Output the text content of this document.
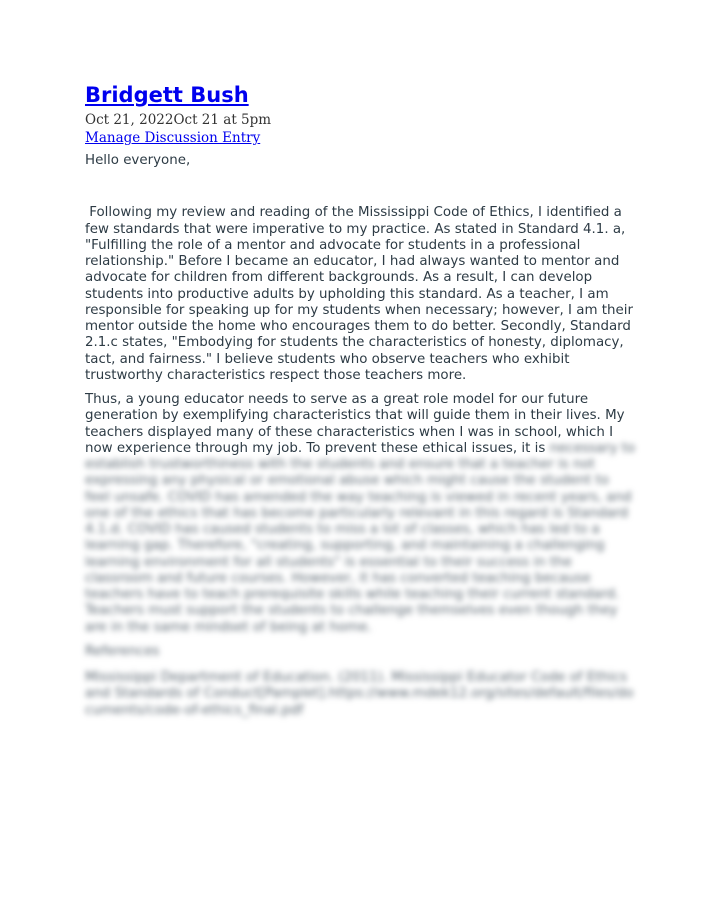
Bridgett Bush
Oct 21, 2022Oct 21 at 5pm
Manage Discussion Entry

Hello everyone,

Following my review and reading of the Mississippi Code of Ethics, I identified a few standards that were imperative to my practice. As stated in Standard 4.1. a, "Fulfilling the role of a mentor and advocate for students in a professional relationship." Before I became an educator, I had always wanted to mentor and advocate for children from different backgrounds. As a result, I can develop students into productive adults by upholding this standard. As a teacher, I am responsible for speaking up for my students when necessary; however, I am their mentor outside the home who encourages them to do better. Secondly, Standard 2.1.c states, "Embodying for students the characteristics of honesty, diplomacy, tact, and fairness." I believe students who observe teachers who exhibit trustworthy characteristics respect those teachers more.

Thus, a young educator needs to serve as a great role model for our future generation by exemplifying characteristics that will guide them in their lives. My teachers displayed many of these characteristics when I was in school, which I now experience through my job. To prevent these ethical issues, it is necessary to establish trustworthiness with the students and ensure that a teacher is not expressing any physical or emotional abuse which might cause the student to feel unsafe. COVID has amended the way teaching is viewed in recent years, and one of the ethics that has become particularly relevant in this regard is Standard 4.1.d. COVID has caused students to miss a lot of classes, which has led to a learning gap. Therefore, "creating, supporting, and maintaining a challenging learning environment for all students" is essential to their success in the classroom and future courses. However, it has converted teaching because teachers have to teach prerequisite skills while teaching their current standard. Teachers must support the students to challenge themselves even though they are in the same mindset of being at home.

References

Mississippi Department of Education. (2011). Mississippi Educator Code of Ethics and Standards of Conduct[Pamplet].https://www.mdek12.org/sites/default/files/documents/code-of-ethics_final.pdf
